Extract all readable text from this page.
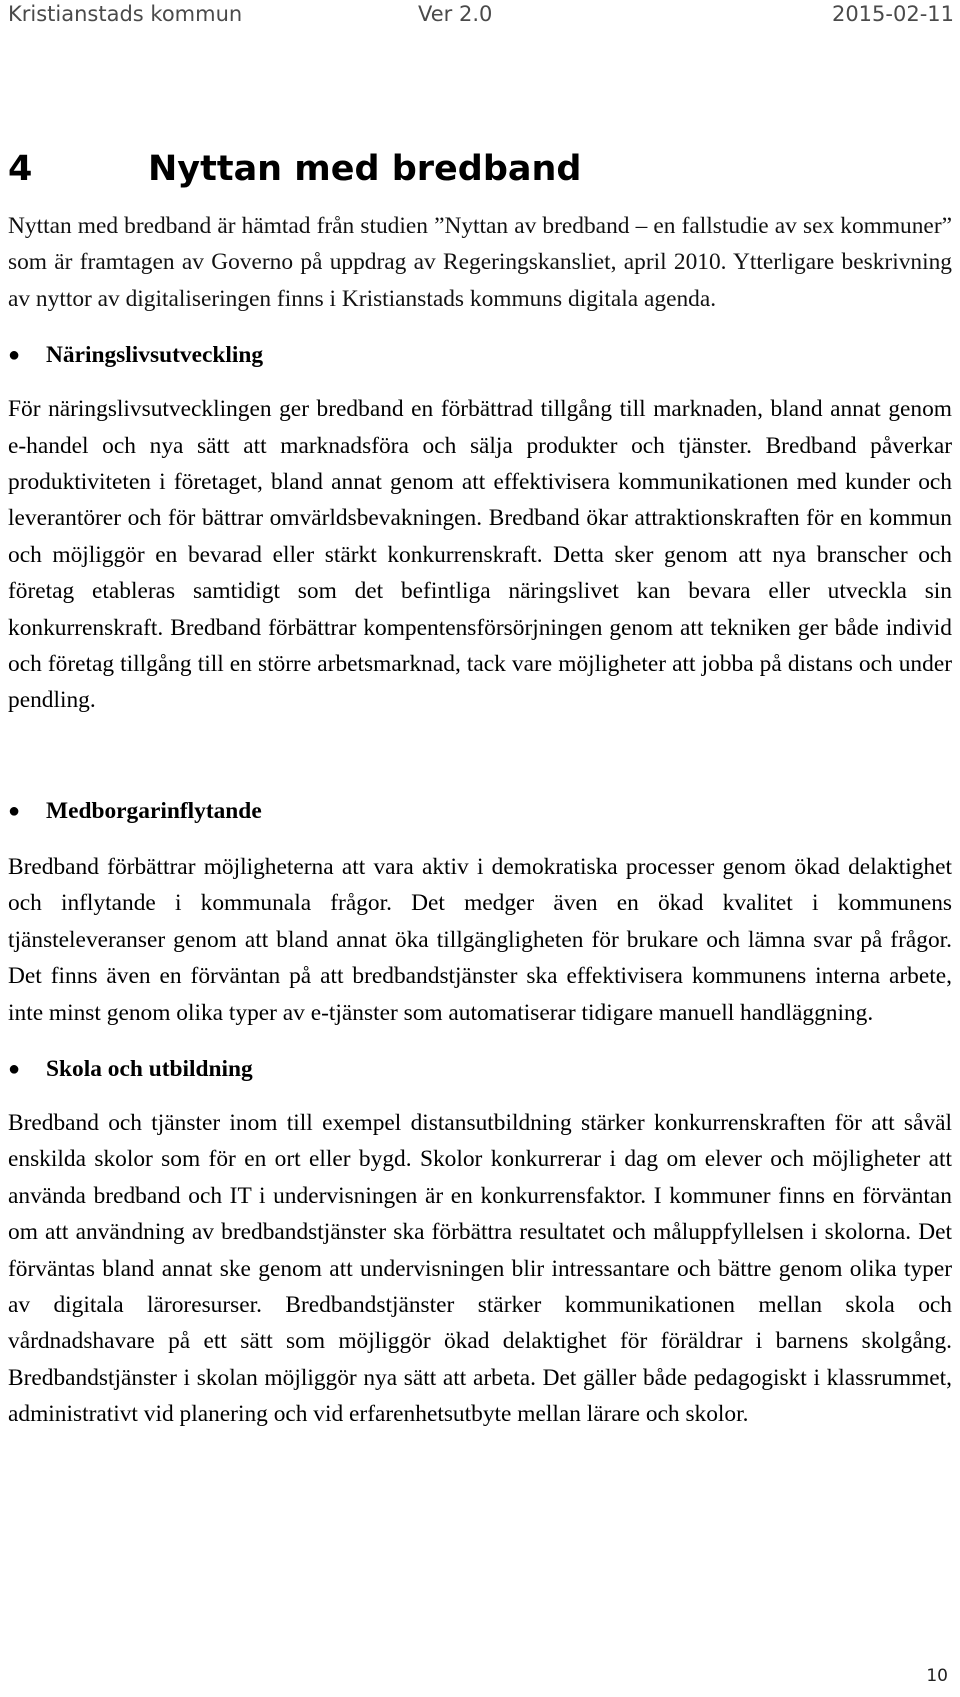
Kristianstads kommun	Ver 2.0	2015-02-11
4	Nyttan med bredband

Nyttan med bredband är hämtad från studien ”Nyttan av bredband – en fallstudie av sex kommuner” som är framtagen av Governo på uppdrag av Regeringskansliet, april 2010. Ytterligare beskrivning av nyttor av digitaliseringen finns i Kristianstads kommuns digitala agenda.

●	Näringslivsutveckling

För näringslivsutvecklingen ger bredband en förbättrad tillgång till marknaden, bland annat genom e-handel och nya sätt att marknadsföra och sälja produkter och tjänster. Bredband påverkar produktiviteten i företaget, bland annat genom att effektivisera kommunikationen med kunder och leverantörer och för bättrar omvärldsbevakningen. Bredband ökar attraktionskraften för en kommun och möjliggör en bevarad eller stärkt konkurrenskraft. Detta sker genom att nya branscher och företag etableras samtidigt som det befintliga näringslivet kan bevara eller utveckla sin konkurrenskraft. Bredband förbättrar kompentensförsörjningen genom att tekniken ger både individ och företag tillgång till en större arbetsmarknad, tack vare möjligheter att jobba på distans och under pendling.

●	Medborgarinflytande

Bredband förbättrar möjligheterna att vara aktiv i demokratiska processer genom ökad delaktighet och inflytande i kommunala frågor. Det medger även en ökad kvalitet i kommunens tjänsteleveranser genom att bland annat öka tillgängligheten för brukare och lämna svar på frågor. Det finns även en förväntan på att bredbandstjänster ska effektivisera kommunens interna arbete, inte minst genom olika typer av e-tjänster som automatiserar tidigare manuell handläggning.

●	Skola och utbildning

Bredband och tjänster inom till exempel distansutbildning stärker konkurrenskraften för att såväl enskilda skolor som för en ort eller bygd. Skolor konkurrerar i dag om elever och möjligheter att använda bredband och IT i undervisningen är en konkurrensfaktor. I kommuner finns en förväntan om att användning av bredbandstjänster ska förbättra resultatet och måluppfyllelsen i skolorna. Det förväntas bland annat ske genom att undervisningen blir intressantare och bättre genom olika typer av digitala läroresurser. Bredbandstjänster stärker kommunikationen mellan skola och vårdnadshavare på ett sätt som möjliggör ökad delaktighet för föräldrar i barnens skolgång. Bredbandstjänster i skolan möjliggör nya sätt att arbeta. Det gäller både pedagogiskt i klassrummet, administrativt vid planering och vid erfarenhetsutbyte mellan lärare och skolor.

10
